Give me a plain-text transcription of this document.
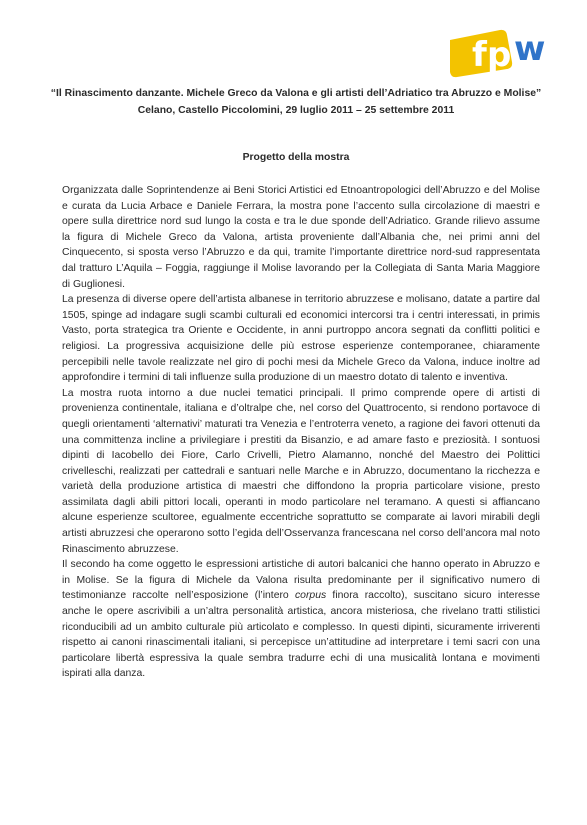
f p w
“Il Rinascimento danzante. Michele Greco da Valona e gli artisti dell’Adriatico tra Abruzzo e Molise”
Celano, Castello Piccolomini, 29 luglio 2011 – 25 settembre 2011
Progetto della mostra

Organizzata dalle Soprintendenze ai Beni Storici Artistici ed Etnoantropologici dell’Abruzzo e del Molise e curata da Lucia Arbace e Daniele Ferrara, la mostra pone l’accento sulla circolazione di maestri e opere sulla direttrice nord sud lungo la costa e tra le due sponde dell’Adriatico. Grande rilievo assume la figura di Michele Greco da Valona, artista proveniente dall’Albania che, nei primi anni del Cinquecento, si sposta verso l’Abruzzo e da qui, tramite l’importante direttrice nord-sud rappresentata dal tratturo L’Aquila – Foggia, raggiunge il Molise lavorando per la Collegiata di Santa Maria Maggiore di Guglionesi.

La presenza di diverse opere dell’artista albanese in territorio abruzzese e molisano, datate a partire dal 1505, spinge ad indagare sugli scambi culturali ed economici intercorsi tra i centri interessati, in primis Vasto, porta strategica tra Oriente e Occidente, in anni purtroppo ancora segnati da conflitti politici e religiosi. La progressiva acquisizione delle più estrose esperienze contemporanee, chiaramente percepibili nelle tavole realizzate nel giro di pochi mesi da Michele Greco da Valona, induce inoltre ad approfondire i termini di tali influenze sulla produzione di un maestro dotato di talento e inventiva.

La mostra ruota intorno a due nuclei tematici principali. Il primo comprende opere di artisti di provenienza continentale, italiana e d’oltralpe che, nel corso del Quattrocento, si rendono portavoce di quegli orientamenti ‘alternativi’ maturati tra Venezia e l’entroterra veneto, a ragione dei favori ottenuti da una committenza incline a privilegiare i prestiti da Bisanzio, e ad amare fasto e preziosità. I sontuosi dipinti di Iacobello dei Fiore, Carlo Crivelli, Pietro Alamanno, nonché del Maestro dei Polittici crivelleschi, realizzati per cattedrali e santuari nelle Marche e in Abruzzo, documentano la ricchezza e varietà della produzione artistica di maestri che diffondono la propria particolare visione, presto assimilata dagli abili pittori locali, operanti in modo particolare nel teramano. A questi si affiancano alcune esperienze scultoree, egualmente eccentriche soprattutto se comparate ai lavori mirabili degli artisti abruzzesi che operarono sotto l’egida dell’Osservanza francescana nel corso dell’ancora mal noto Rinascimento abruzzese.

Il secondo ha come oggetto le espressioni artistiche di autori balcanici che hanno operato in Abruzzo e in Molise. Se la figura di Michele da Valona risulta predominante per il significativo numero di testimonianze raccolte nell’esposizione (l’intero corpus finora raccolto), suscitano sicuro interesse anche le opere ascrivibili a un’altra personalità artistica, ancora misteriosa, che rivelano tratti stilistici riconducibili ad un ambito culturale più articolato e complesso. In questi dipinti, sicuramente irriverenti rispetto ai canoni rinascimentali italiani, si percepisce un’attitudine ad interpretare i temi sacri con una particolare libertà espressiva la quale sembra tradurre echi di una musicalità lontana e movimenti ispirati alla danza.
